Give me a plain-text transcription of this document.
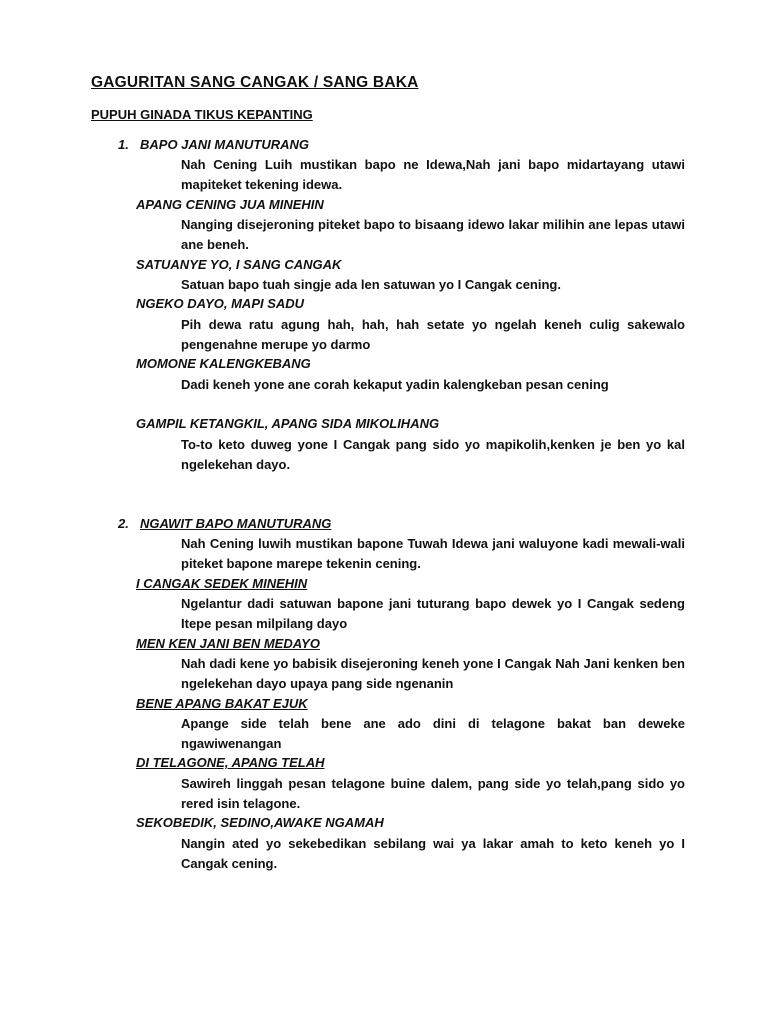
GAGURITAN SANG CANGAK / SANG BAKA
PUPUH GINADA TIKUS KEPANTING
1. BAPO JANI MANUTURANG
Nah Cening Luih mustikan bapo ne Idewa,Nah jani bapo midartayang utawi mapiteket tekening idewa.
APANG CENING JUA MINEHIN
Nanging disejeroning piteket bapo to bisaang idewo lakar milihin ane lepas utawi ane beneh.
SATUANYE YO, I SANG CANGAK
Satuan bapo tuah singje ada len satuwan yo I Cangak cening.
NGEKO DAYO, MAPI SADU
Pih dewa ratu agung hah, hah, hah setate yo ngelah keneh culig sakewalo pengenahne merupe yo darmo
MOMONE KALENGKEBANG
Dadi keneh yone ane corah kekaput yadin kalengkeban pesan cening
GAMPIL KETANGKIL, APANG SIDA MIKOLIHANG
To-to keto duweg yone I Cangak pang sido yo mapikolih,kenken je ben yo kal ngelekehan dayo.
2. NGAWIT BAPO MANUTURANG
Nah Cening luwih mustikan bapone Tuwah Idewa jani waluyone kadi mewali-wali piteket bapone marepe tekenin cening.
I CANGAK SEDEK MINEHIN
Ngelantur dadi satuwan bapone jani tuturang bapo dewek yo I Cangak sedeng Itepe pesan milpilang dayo
MEN KEN JANI BEN MEDAYO
Nah dadi kene yo babisik disejeroning keneh yone I Cangak Nah Jani kenken ben ngelekehan dayo upaya pang side ngenanin
BENE APANG BAKAT EJUK
Apange side telah bene ane ado dini di telagone bakat ban deweke ngawiwenangan
DI TELAGONE, APANG TELAH
Sawireh linggah pesan telagone buine dalem, pang side yo telah,pang sido yo rered isin telagone.
SEKOBEDIK, SEDINO,AWAKE NGAMAH
Nangin ated yo sekebedikan sebilang wai ya lakar amah to keto keneh yo I Cangak cening.
